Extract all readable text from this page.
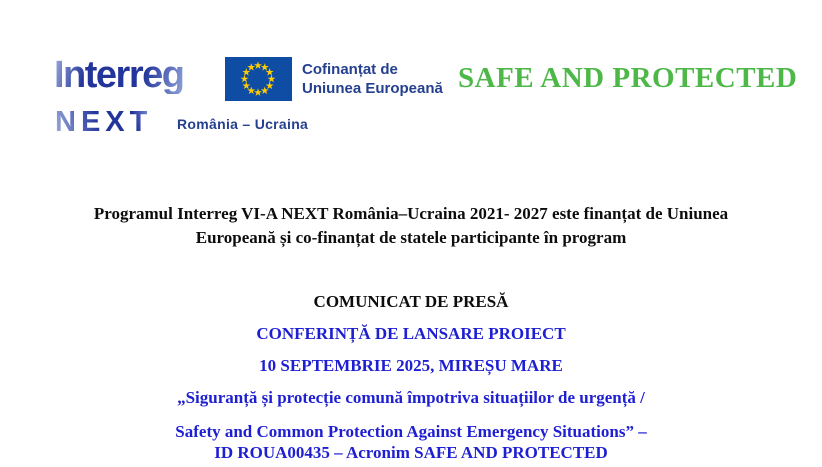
Interreg
NEXT România – Ucraina
Cofinanțat de
Uniunea Europeană SAFE AND PROTECTED
Programul Interreg VI-A NEXT România–Ucraina 2021- 2027 este finanțat de Uniunea
Europeană și co-finanțat de statele participante în program
COMUNICAT DE PRESĂ
CONFERINȚĂ DE LANSARE PROIECT
10 SEPTEMBRIE 2025, MIREȘU MARE
„Siguranță și protecție comună împotriva situațiilor de urgență /
Safety and Common Protection Against Emergency Situations” –
ID ROUA00435 – Acronim SAFE AND PROTECTED
